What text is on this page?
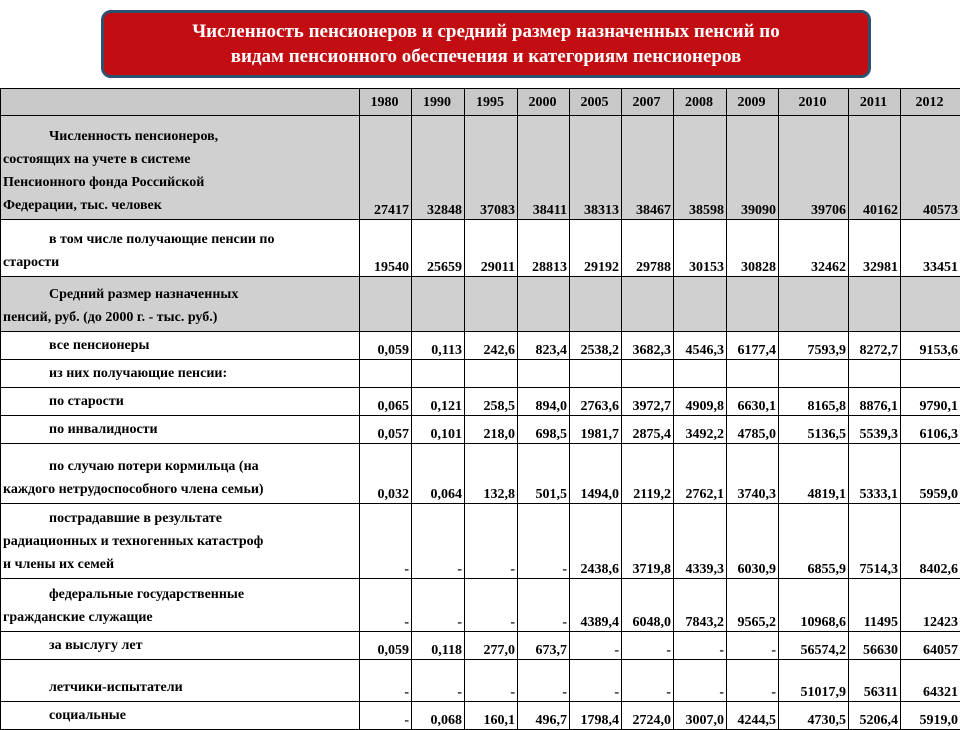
Численность пенсионеров и средний размер назначенных пенсий по
видам пенсионного обеспечения и категориям пенсионеров
	1980	1990	1995	2000	2005	2007	2008	2009	2010	2011	2012

Численность пенсионеров,
состоящих на учете в системе
Пенсионного фонда Российской
Федерации, тыс. человек	27417	32848	37083	38411	38313	38467	38598	39090	39706	40162	40573

в том числе получающие пенсии по
старости	19540	25659	29011	28813	29192	29788	30153	30828	32462	32981	33451

Средний размер назначенных
пенсий, руб. (до 2000 г. - тыс. руб.)											

все пенсионеры	0,059	0,113	242,6	823,4	2538,2	3682,3	4546,3	6177,4	7593,9	8272,7	9153,6

из них получающие пенсии:											

по старости	0,065	0,121	258,5	894,0	2763,6	3972,7	4909,8	6630,1	8165,8	8876,1	9790,1

по инвалидности	0,057	0,101	218,0	698,5	1981,7	2875,4	3492,2	4785,0	5136,5	5539,3	6106,3

по случаю потери кормильца (на
каждого нетрудоспособного члена семьи)	0,032	0,064	132,8	501,5	1494,0	2119,2	2762,1	3740,3	4819,1	5333,1	5959,0

пострадавшие в результате
радиационных и техногенных катастроф
и члены их семей	-	-	-	-	2438,6	3719,8	4339,3	6030,9	6855,9	7514,3	8402,6

федеральные государственные
гражданские служащие	-	-	-	-	4389,4	6048,0	7843,2	9565,2	10968,6	11495	12423

за выслугу лет	0,059	0,118	277,0	673,7	-	-	-	-	56574,2	56630	64057

летчики-испытатели	-	-	-	-	-	-	-	-	51017,9	56311	64321

социальные	-	0,068	160,1	496,7	1798,4	2724,0	3007,0	4244,5	4730,5	5206,4	5919,0
